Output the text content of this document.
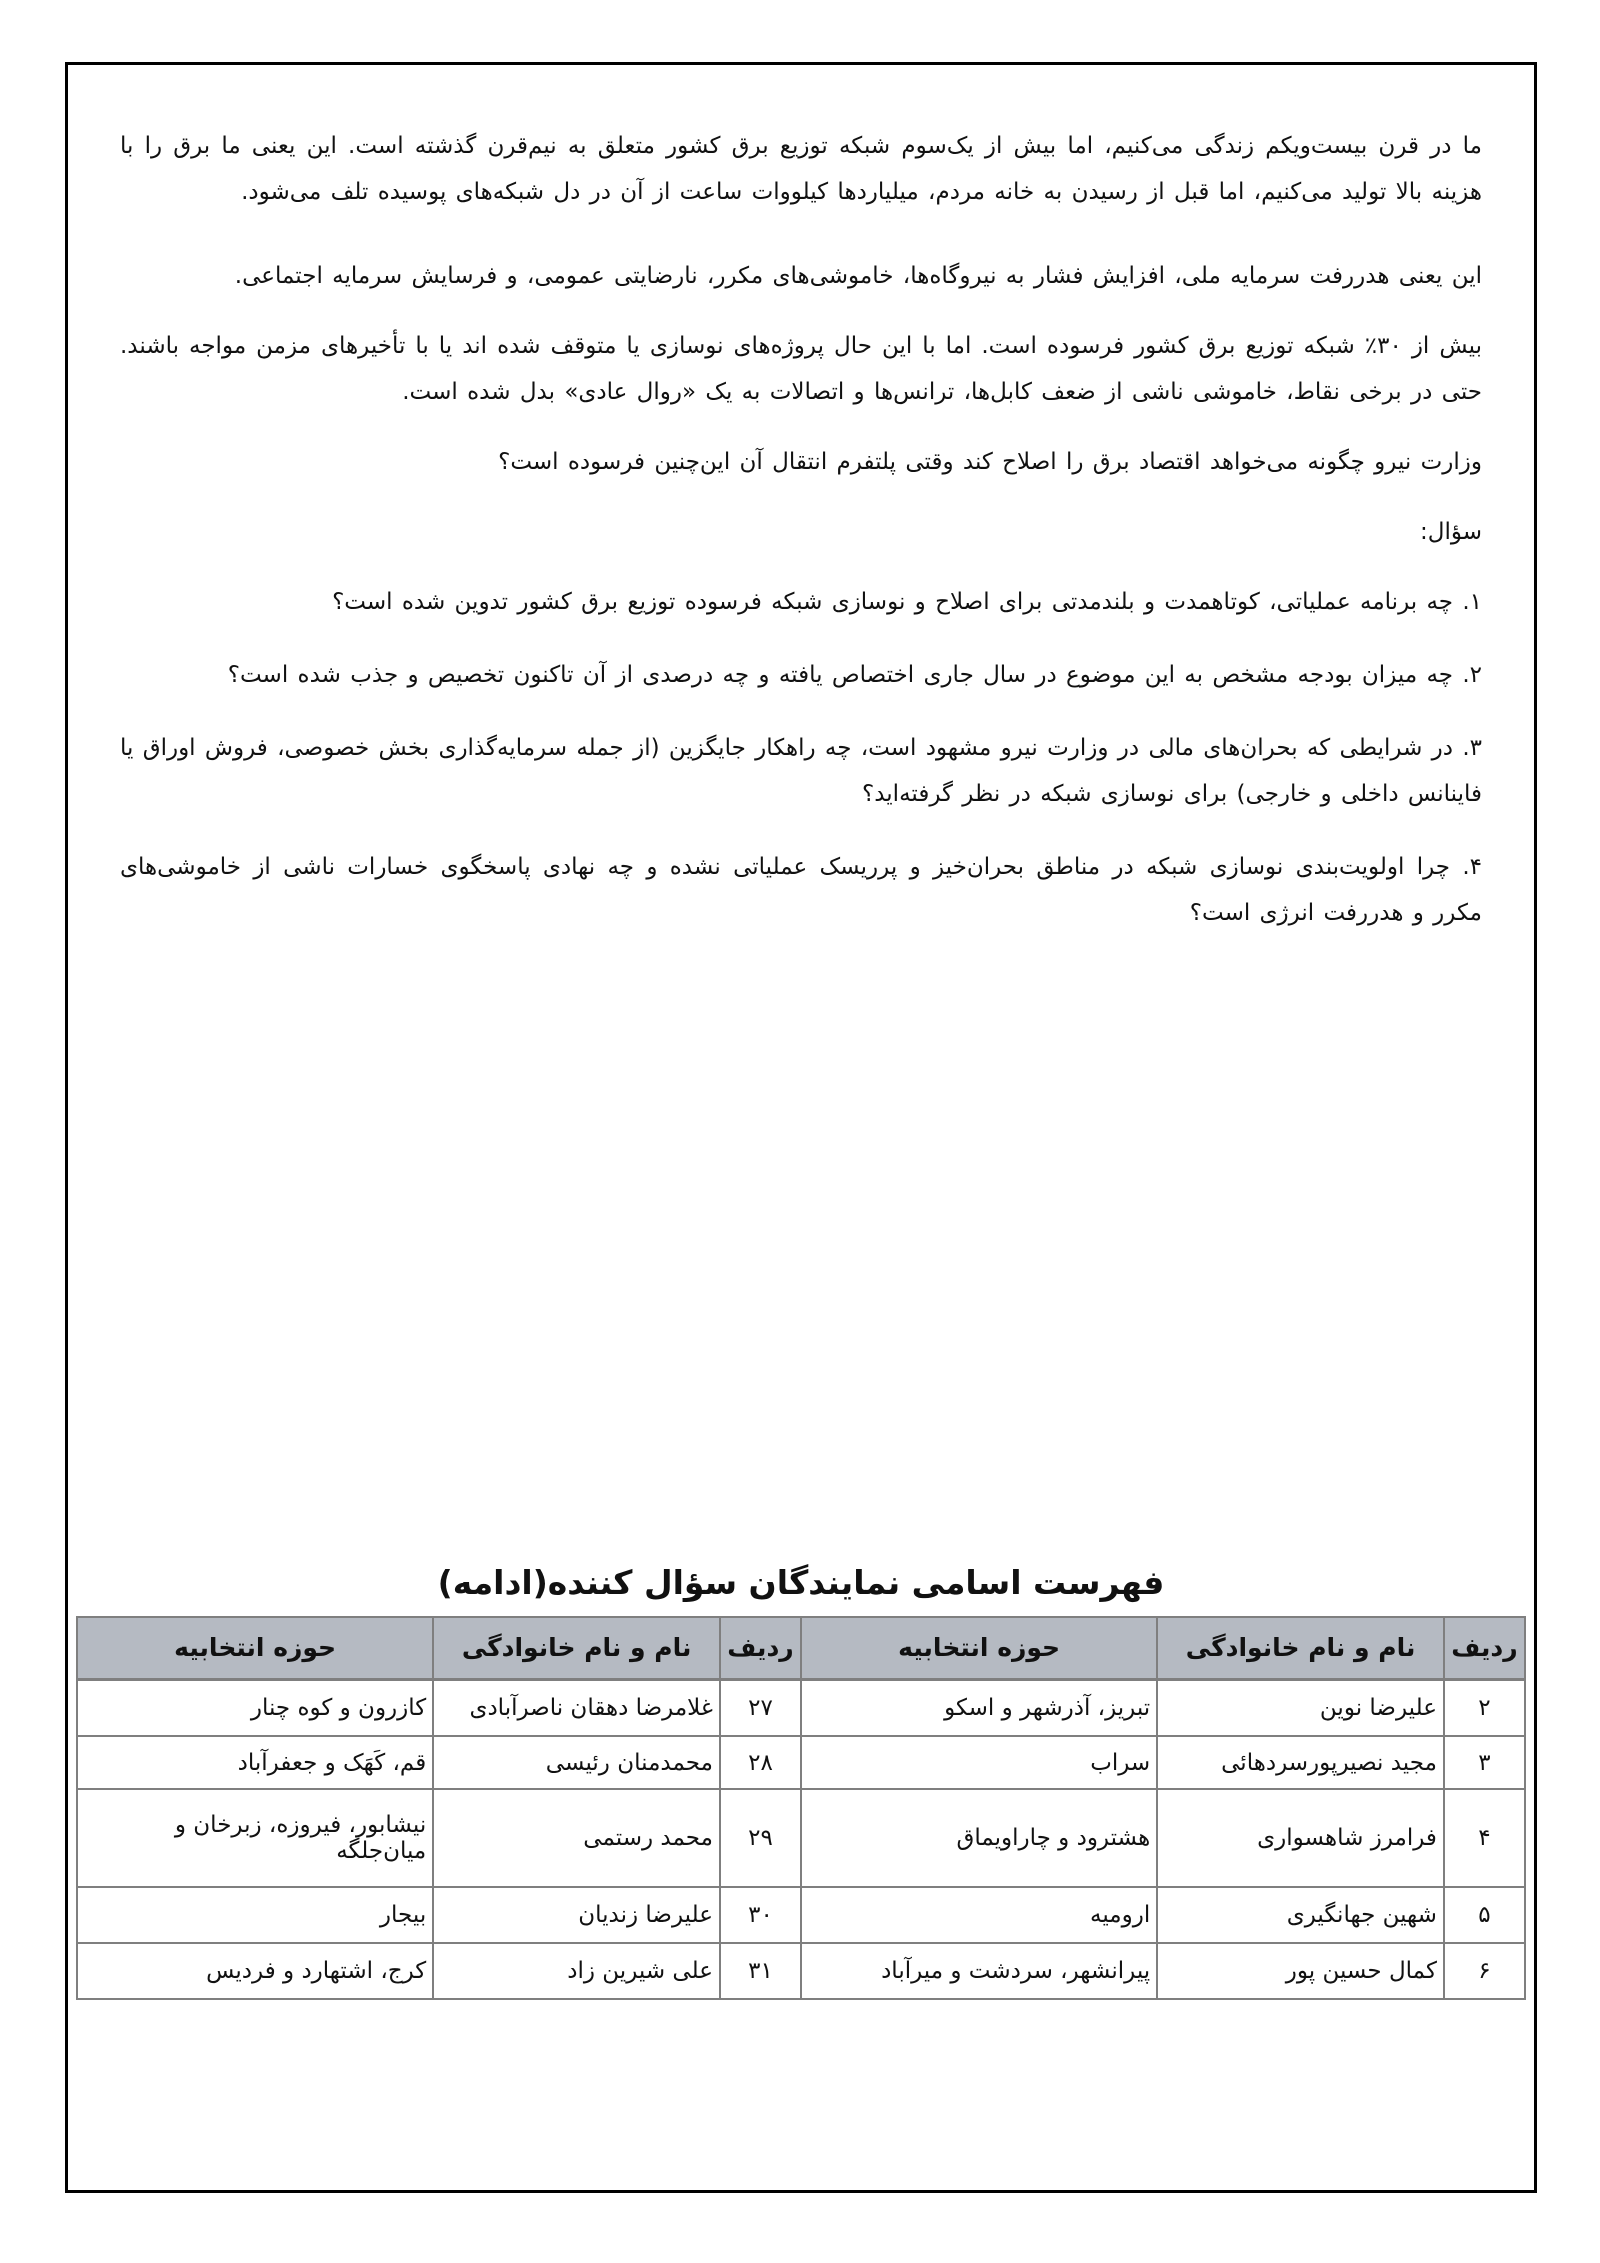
ما در قرن بیست‌ویکم زندگی می‌کنیم، اما بیش از یک‌سوم شبکه توزیع برق کشور متعلق به نیم‌قرن گذشته است. این یعنی ما برق را با هزینه بالا تولید می‌کنیم، اما قبل از رسیدن به خانه مردم، میلیاردها کیلووات ساعت از آن در دل شبکه‌های پوسیده تلف می‌شود.

این یعنی هدررفت سرمایه ملی، افزایش فشار به نیروگاه‌ها، خاموشی‌های مکرر، نارضایتی عمومی، و فرسایش سرمایه اجتماعی.

بیش از ۳۰٪ شبکه توزیع برق کشور فرسوده است. اما با این حال پروژه‌های نوسازی یا متوقف شده اند یا با تأخیرهای مزمن مواجه باشند. حتی در برخی نقاط، خاموشی ناشی از ضعف کابل‌ها، ترانس‌ها و اتصالات به یک «روال عادی» بدل شده است.

وزارت نیرو چگونه می‌خواهد اقتصاد برق را اصلاح کند وقتی پلتفرم انتقال آن این‌چنین فرسوده است؟

سؤال:

۱. چه برنامه عملیاتی، کوتاهمدت و بلندمدتی برای اصلاح و نوسازی شبکه فرسوده توزیع برق کشور تدوین شده است؟

۲. چه میزان بودجه مشخص به این موضوع در سال جاری اختصاص یافته و چه درصدی از آن تاکنون تخصیص و جذب شده است؟

۳. در شرایطی که بحران‌های مالی در وزارت نیرو مشهود است، چه راهکار جایگزین (از جمله سرمایه‌گذاری بخش خصوصی، فروش اوراق یا فاینانس داخلی و خارجی) برای نوسازی شبکه در نظر گرفته‌اید؟

۴. چرا اولویت‌بندی نوسازی شبکه در مناطق بحران‌خیز و پرریسک عملیاتی نشده و چه نهادی پاسخگوی خسارات ناشی از خاموشی‌های مکرر و هدررفت انرژی است؟

فهرست اسامی نمایندگان سؤال کننده(ادامه)
ردیف	نام و نام خانوادگی	حوزه انتخابیه	ردیف	نام و نام خانوادگی	حوزه انتخابیه
۲	علیرضا نوین	تبریز، آذرشهر و اسکو	۲۷	غلامرضا دهقان ناصرآبادی	کازرون و کوه چنار
۳	مجید نصیرپورسردهائی	سراب	۲۸	محمدمنان رئیسی	قم، کَهَک و جعفرآباد
۴	فرامرز شاهسواری	هشترود و چاراویماق	۲۹	محمد رستمی	نیشابور، فیروزه، زبرخان و میان‌جلگه
۵	شهین جهانگیری	ارومیه	۳۰	علیرضا زندیان	بیجار
۶	کمال حسین پور	پیرانشهر، سردشت و میرآباد	۳۱	علی شیرین زاد	کرج، اشتهارد و فردیس
